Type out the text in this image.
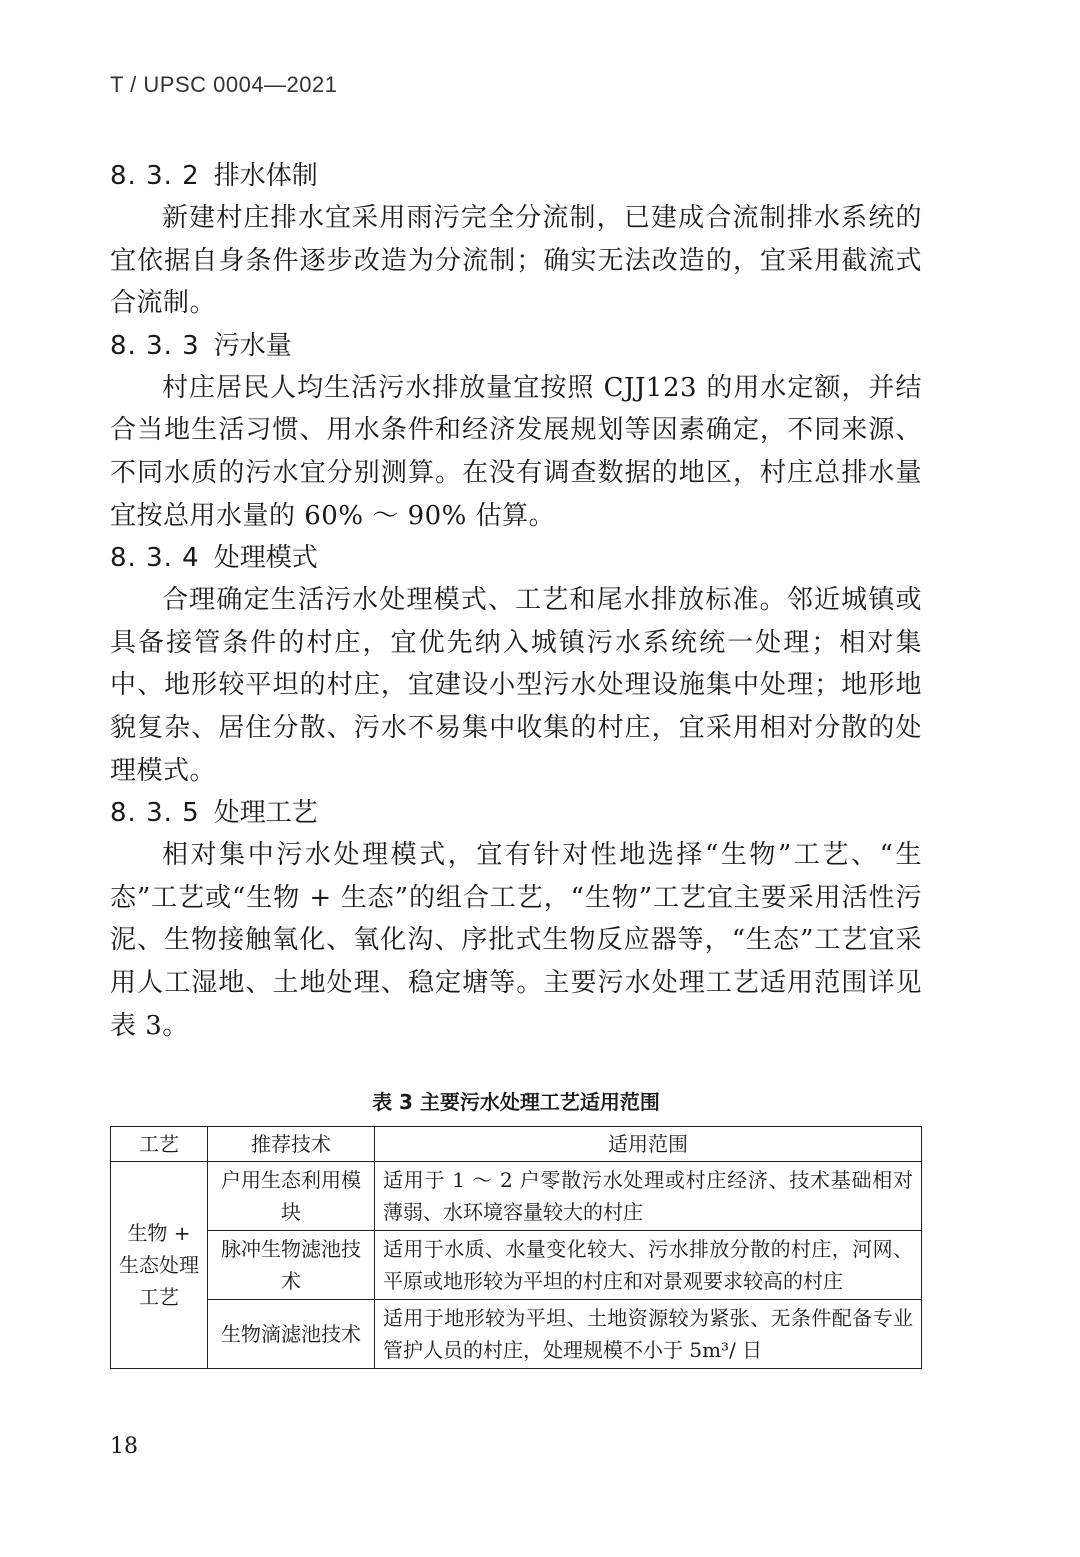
T / UPSC 0004—2021
8. 3. 2 排水体制

新建村庄排水宜采用雨污完全分流制，已建成合流制排水系统的宜依据自身条件逐步改造为分流制；确实无法改造的，宜采用截流式合流制。

8. 3. 3 污水量

村庄居民人均生活污水排放量宜按照 CJJ123 的用水定额，并结合当地生活习惯、用水条件和经济发展规划等因素确定，不同来源、不同水质的污水宜分别测算。在没有调查数据的地区，村庄总排水量宜按总用水量的 60% ～ 90% 估算。

8. 3. 4 处理模式

合理确定生活污水处理模式、工艺和尾水排放标准。邻近城镇或具备接管条件的村庄，宜优先纳入城镇污水系统统一处理；相对集中、地形较平坦的村庄，宜建设小型污水处理设施集中处理；地形地貌复杂、居住分散、污水不易集中收集的村庄，宜采用相对分散的处理模式。

8. 3. 5 处理工艺

相对集中污水处理模式，宜有针对性地选择“生物”工艺、“生态”工艺或“生物 + 生态”的组合工艺，“生物”工艺宜主要采用活性污泥、生物接触氧化、氧化沟、序批式生物反应器等，“生态”工艺宜采用人工湿地、土地处理、稳定塘等。主要污水处理工艺适用范围详见表 3。

表 3 主要污水处理工艺适用范围
工艺	推荐技术	适用范围
生物 + 生态处理工艺	户用生态利用模块	适用于 1 ～ 2 户零散污水处理或村庄经济、技术基础相对薄弱、水环境容量较大的村庄
	脉冲生物滤池技术	适用于水质、水量变化较大、污水排放分散的村庄，河网、平原或地形较为平坦的村庄和对景观要求较高的村庄
	生物滴滤池技术	适用于地形较为平坦、土地资源较为紧张、无条件配备专业管护人员的村庄，处理规模不小于 5m³/ 日
18
